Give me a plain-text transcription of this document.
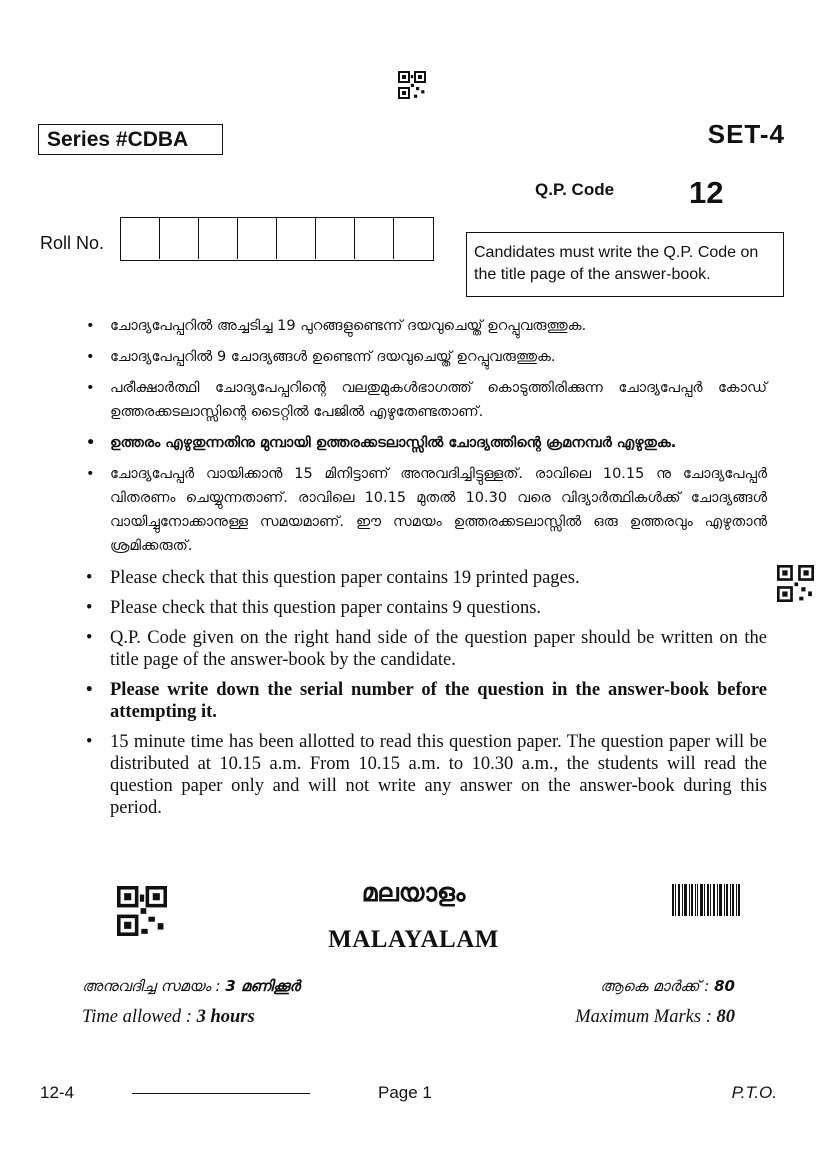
Series #CDBA	SET-4
Q.P. Code 12
Roll No.	Candidates must write the Q.P. Code on the title page of the answer-book.
• ചോദ്യപേപ്പറിൽ അച്ചടിച്ച 19 പുറങ്ങളുണ്ടെന്ന് ദയവുചെയ്ത് ഉറപ്പുവരുത്തുക.
• ചോദ്യപേപ്പറിൽ 9 ചോദ്യങ്ങൾ ഉണ്ടെന്ന് ദയവുചെയ്ത് ഉറപ്പുവരുത്തുക.
• പരീക്ഷാർത്ഥി ചോദ്യപേപ്പറിന്റെ വലതുമുകൾഭാഗത്ത് കൊടുത്തിരിക്കുന്ന ചോദ്യപേപ്പർ കോഡ് ഉത്തരക്കടലാസ്സിന്റെ ടൈറ്റിൽ പേജിൽ എഴുതേണ്ടതാണ്.
• ഉത്തരം എഴുതുന്നതിനു മുമ്പായി ഉത്തരക്കടലാസ്സിൽ ചോദ്യത്തിന്റെ ക്രമനമ്പർ എഴുതുക.
• ചോദ്യപേപ്പർ വായിക്കാൻ 15 മിനിട്ടാണ് അനുവദിച്ചിട്ടുള്ളത്. രാവിലെ 10.15 നു ചോദ്യപേപ്പർ വിതരണം ചെയ്യുന്നതാണ്. രാവിലെ 10.15 മുതൽ 10.30 വരെ വിദ്യാർത്ഥികൾക്ക് ചോദ്യങ്ങൾ വായിച്ചുനോക്കാനുള്ള സമയമാണ്. ഈ സമയം ഉത്തരക്കടലാസ്സിൽ ഒരു ഉത്തരവും എഴുതാൻ ശ്രമിക്കരുത്.
• Please check that this question paper contains 19 printed pages.
• Please check that this question paper contains 9 questions.
• Q.P. Code given on the right hand side of the question paper should be written on the title page of the answer-book by the candidate.
• Please write down the serial number of the question in the answer-book before attempting it.
• 15 minute time has been allotted to read this question paper. The question paper will be distributed at 10.15 a.m. From 10.15 a.m. to 10.30 a.m., the students will read the question paper only and will not write any answer on the answer-book during this period.
മലയാളം
MALAYALAM
അനുവദിച്ച സമയം : 3 മണിക്കൂർ	ആകെ മാർക്ക് : 80
Time allowed : 3 hours	Maximum Marks : 80
12-4	Page 1	P.T.O.
